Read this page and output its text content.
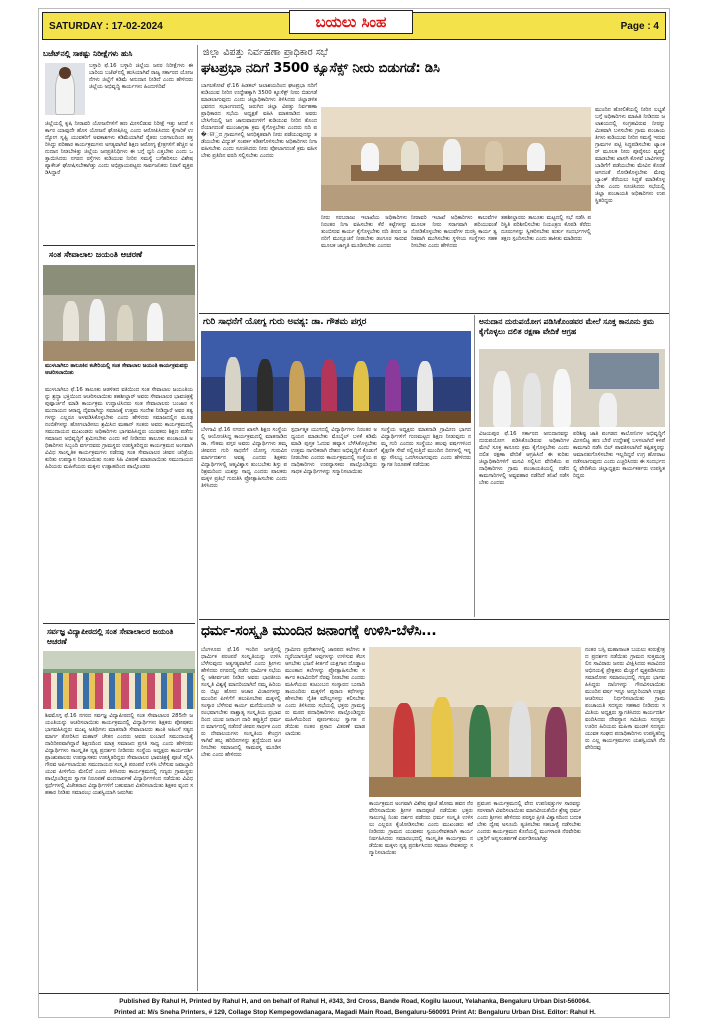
SATURDAY : 17-02-2024	Page : 4
ಬಯಲು ಸಿಂಹ
ಬಜೆಟ್‌ನಲ್ಲಿ ಸಾಕಷ್ಟು ನಿರೀಕ್ಷೆಗಳು ಹುಸಿ
ಬಳ್ಳಾರಿ ಫೆ.16 ಬಳ್ಳಾರಿ ಜಿಲ್ಲೆಯ ಜನರ ನಿರೀಕ್ಷೆಗಳು ಈ ಬಾರಿಯ ಬಜೆಟ್‌ನಲ್ಲಿ ಹುಸಿಯಾಗಿವೆ ರಾಜ್ಯ ಸರ್ಕಾರದ ಯೋಜನೆಗಳು ಜಿಲ್ಲೆಗೆ ಕಡಿಮೆ ಅನುದಾನ ನೀಡಿದೆ ಎಂದು ಹೇಳಿದರು ಜಿಲ್ಲೆಯ ಅಭಿವೃದ್ಧಿ ಕಾರ್ಯಗಳು ಹಿಂದುಳಿದಿವೆ
ಜಿಲ್ಲೆಯಲ್ಲಿ ಕೃಷಿ ನೀರಾವರಿ ಯೋಜನೆಗಳಿಗೆ ಹಣ ಮೀಸಲಿಡುವ ನಿರೀಕ್ಷೆ ಇತ್ತು ಆದರೆ ಸರ್ಕಾರ ಯಾವುದೇ ಹೊಸ ಯೋಜನೆ ಘೋಷಿಸಿಲ್ಲ ಎಂದು ಆರೋಪಿಸಿದರು ಕೈಗಾರಿಕೆ ಉದ್ಯೋಗ ಸೃಷ್ಟಿ ಯುವಕರಿಗೆ ಅವಕಾಶಗಳು ಕಡಿಮೆಯಾಗಿವೆ ರೈತರು ಬರಗಾಲದಿಂದ ತತ್ತರಿಸಿದ್ದು ಪರಿಹಾರ ಕಾರ್ಯಕ್ರಮಗಳು ಅಗತ್ಯವಾಗಿವೆ ಶಿಕ್ಷಣ ಆರೋಗ್ಯ ಕ್ಷೇತ್ರಗಳಿಗೆ ಹೆಚ್ಚಿನ ಅನುದಾನ ನೀಡಬೇಕಿತ್ತು ಜಿಲ್ಲೆಯ ಜನಪ್ರತಿನಿಧಿಗಳು ಈ ಬಗ್ಗೆ ಧ್ವನಿ ಎತ್ತಬೇಕು ಎಂದು ಒತ್ತಾಯಿಸಿದರು ನಗರದ ರಸ್ತೆಗಳು ಕುಡಿಯುವ ನೀರಿನ ಸಮಸ್ಯೆ ಬಗೆಹರಿಸಲು ವಿಶೇಷ ಪ್ಯಾಕೇಜ್ ಘೋಷಿಸಬೇಕಾಗಿತ್ತು ಎಂದು ಅಭಿಪ್ರಾಯಪಟ್ಟರು ಸಾರ್ವಜನಿಕರು ನಿರಾಸೆ ವ್ಯಕ್ತಪಡಿಸಿದ್ದಾರೆ
ಸಂತ ಸೇವಾಲಾಲ ಜಯಂತಿ ಆಚರಣೆ
ಮುಳಬಾಗಿಲು ತಾಲೂಕಿನ ಕಚೇರಿಯಲ್ಲಿ ಸಂತ ಸೇವಾಲಾಲ ಜಯಂತಿ ಕಾರ್ಯಕ್ರಮವನ್ನು ಆಚರಿಸಲಾಯಿತು
ಮುಳಬಾಗಿಲು ಫೆ.16 ತಾಲೂಕು ಆಡಳಿತದ ವತಿಯಿಂದ ಸಂತ ಸೇವಾಲಾಲ ಜಯಂತಿಯನ್ನು ಶ್ರದ್ಧಾ ಭಕ್ತಿಯಿಂದ ಆಚರಿಸಲಾಯಿತು ತಹಶೀಲ್ದಾರ್ ಅವರು ಸೇವಾಲಾಲರ ಭಾವಚಿತ್ರಕ್ಕೆ ಪುಷ್ಪಾರ್ಚನೆ ಮಾಡಿ ಕಾರ್ಯಕ್ರಮ ಉದ್ಘಾಟಿಸಿದರು ಸಂತ ಸೇವಾಲಾಲರು ಬಂಜಾರ ಸಮುದಾಯದ ಆರಾಧ್ಯ ದೈವರಾಗಿದ್ದು ಸಮಾಜಕ್ಕೆ ಉತ್ತಮ ಸಂದೇಶ ನೀಡಿದ್ದಾರೆ ಅವರ ತತ್ವಗಳನ್ನು ಎಲ್ಲರೂ ಅಳವಡಿಸಿಕೊಳ್ಳಬೇಕು ಎಂದು ಹೇಳಿದರು ಸಮಾಜದಲ್ಲಿನ ಮೂಢನಂಬಿಕೆಗಳನ್ನು ಹೋಗಲಾಡಿಸಲು ಶ್ರಮಿಸಿದ ಮಹಾನ್ ಸಂತರು ಅವರು ಕಾರ್ಯಕ್ರಮದಲ್ಲಿ ಸಮುದಾಯದ ಮುಖಂಡರು ಅಧಿಕಾರಿಗಳು ಭಾಗವಹಿಸಿದ್ದರು ಯುವಕರು ಶಿಕ್ಷಣ ಪಡೆದು ಸಮಾಜದ ಅಭಿವೃದ್ಧಿಗೆ ಶ್ರಮಿಸಬೇಕು ಎಂದು ಕರೆ ನೀಡಿದರು ತಾಲೂಕು ಪಂಚಾಯತಿ ಅಧಿಕಾರಿಗಳು ಸಿಬ್ಬಂದಿ ವರ್ಗದವರು ಗ್ರಾಮಸ್ಥರು ಉಪಸ್ಥಿತರಿದ್ದರು ಕಾರ್ಯಕ್ರಮದ ಅಂಗವಾಗಿ ವಿವಿಧ ಸಾಂಸ್ಕೃತಿಕ ಕಾರ್ಯಕ್ರಮಗಳು ನಡೆದವು ಸಂತ ಸೇವಾಲಾಲರ ಜೀವನ ಚರಿತ್ರೆಯ ಕುರಿತು ಉಪನ್ಯಾಸ ನೀಡಲಾಯಿತು ನಂತರ ಸಿಹಿ ವಿತರಣೆ ಮಾಡಲಾಯಿತು ಸಮುದಾಯದ ಹಿರಿಯರು ಮಹಿಳೆಯರು ಮಕ್ಕಳು ಉತ್ಸಾಹದಿಂದ ಪಾಲ್ಗೊಂಡರು
ಸರ್ವಜ್ಞ ವಿದ್ಯಾಪೀಠದಲ್ಲಿ ಸಂತ ಸೇವಾಲಾಲರ ಜಯಂತಿ ಆಚರಣೆ
ಶಿವಮೊಗ್ಗ ಫೆ.16 ನಗರದ ಸರ್ವಜ್ಞ ವಿದ್ಯಾಪೀಠದಲ್ಲಿ ಸಂತ ಸೇವಾಲಾಲರ 285ನೇ ಜಯಂತಿಯನ್ನು ಆಚರಿಸಲಾಯಿತು ಕಾರ್ಯಕ್ರಮದಲ್ಲಿ ವಿದ್ಯಾರ್ಥಿಗಳು ಶಿಕ್ಷಕರು ಪೋಷಕರು ಭಾಗವಹಿಸಿದ್ದರು ಮುಖ್ಯ ಅತಿಥಿಗಳು ಮಾತನಾಡಿ ಸೇವಾಲಾಲರು ಶಾಂತಿ ಅಹಿಂಸೆ ಸತ್ಯದ ಮಾರ್ಗ ತೋರಿಸಿದ ಮಹಾನ್ ಚೇತನ ಎಂದರು ಅವರು ಲಂಬಾಣಿ ಸಮುದಾಯಕ್ಕೆ ದಾರಿದೀಪವಾಗಿದ್ದಾರೆ ಶಿಕ್ಷಣದಿಂದ ಮಾತ್ರ ಸಮಾಜದ ಪ್ರಗತಿ ಸಾಧ್ಯ ಎಂದು ಹೇಳಿದರು ವಿದ್ಯಾರ್ಥಿಗಳು ಸಾಂಸ್ಕೃತಿಕ ನೃತ್ಯ ಪ್ರದರ್ಶನ ನೀಡಿದರು ಸಂಸ್ಥೆಯ ಅಧ್ಯಕ್ಷರು ಕಾರ್ಯದರ್ಶಿ ಪ್ರಾಂಶುಪಾಲರು ಉಪನ್ಯಾಸಕರು ಉಪಸ್ಥಿತರಿದ್ದರು ಸೇವಾಲಾಲರ ಭಾವಚಿತ್ರಕ್ಕೆ ಪೂಜೆ ಸಲ್ಲಿಸಿ ಗೌರವ ಅರ್ಪಿಸಲಾಯಿತು ಸಮುದಾಯದ ಸಂಸ್ಕೃತಿ ಪರಂಪರೆ ಉಳಿಸಿ ಬೆಳೆಸುವ ಜವಾಬ್ದಾರಿ ಯುವ ಪೀಳಿಗೆಯ ಮೇಲಿದೆ ಎಂದು ತಿಳಿಸಿದರು ಕಾರ್ಯಕ್ರಮದಲ್ಲಿ ಗಣ್ಯರು ಗ್ರಾಮಸ್ಥರು ಪಾಲ್ಗೊಂಡಿದ್ದರು ಸ್ವಾಗತ ನಿರೂಪಣೆ ವಂದನಾರ್ಪಣೆ ವಿದ್ಯಾರ್ಥಿಗಳಿಂದ ನಡೆಯಿತು ವಿವಿಧ ಸ್ಪರ್ಧೆಗಳಲ್ಲಿ ವಿಜೇತರಾದ ವಿದ್ಯಾರ್ಥಿಗಳಿಗೆ ಬಹುಮಾನ ವಿತರಿಸಲಾಯಿತು ಶಿಕ್ಷಕರ ವೃಂದ ಸಹಕಾರ ನೀಡಿತು ಸಮಾರಂಭ ಯಶಸ್ವಿಯಾಗಿ ಜರುಗಿತು
ಜಿಲ್ಲಾ ವಿಪತ್ತು ನಿರ್ವಹಣಾ ಪ್ರಾಧಿಕಾರ ಸಭೆ
ಘಟಪ್ರಭಾ ನದಿಗೆ 3500 ಕ್ಯೂಸೆಕ್ಸ್ ನೀರು ಬಿಡುಗಡೆ: ಡಿಸಿ
ಬಾಗಲಕೋಟೆ ಫೆ.16 ಹಿಡಕಲ್ ಜಲಾಶಯದಿಂದ ಘಟಪ್ರಭಾ ನದಿಗೆ ಕುಡಿಯುವ ನೀರಿನ ಉದ್ದೇಶಕ್ಕಾಗಿ 3500 ಕ್ಯೂಸೆಕ್ಸ್ ನೀರು ಬಿಡುಗಡೆ ಮಾಡಲಾಗುವುದು ಎಂದು ಜಿಲ್ಲಾಧಿಕಾರಿಗಳು ತಿಳಿಸಿದರು ಜಿಲ್ಲಾಡಳಿತ ಭವನದ ಸಭಾಂಗಣದಲ್ಲಿ ಜರುಗಿದ ಜಿಲ್ಲಾ ವಿಪತ್ತು ನಿರ್ವಹಣಾ ಪ್ರಾಧಿಕಾರದ ಸಭೆಯ ಅಧ್ಯಕ್ಷತೆ ವಹಿಸಿ ಮಾತನಾಡಿದ ಅವರು ಬೇಸಿಗೆಯಲ್ಲಿ ಜನ ಜಾನುವಾರುಗಳಿಗೆ ಕುಡಿಯುವ ನೀರಿನ ತೊಂದರೆಯಾಗದಂತೆ ಮುಂಜಾಗ್ರತಾ ಕ್ರಮ ಕೈಗೊಳ್ಳಬೇಕು ಎಂದರು ನದಿ ಪ�ात್ರದ ಗ್ರಾಮಗಳಲ್ಲಿ ಅನಧಿಕೃತವಾಗಿ ನೀರು ಪಡೆಯುವುದನ್ನು ತಡೆಯಬೇಕು ವಿದ್ಯುತ್ ಸಂಪರ್ಕ ಕಡಿತಗೊಳಿಸಬೇಕು ಅಧಿಕಾರಿಗಳು ನಿಗಾ ವಹಿಸಬೇಕು ಎಂದು ಸೂಚಿಸಿದರು ನೀರು ಪೋಲಾಗದಂತೆ ಕ್ರಮ ವಹಿಸಬೇಕು ಪ್ರತಿದಿನ ವರದಿ ಸಲ್ಲಿಸಬೇಕು ಎಂದರು
ಮುಂದಿನ ಹೋಲಿಕೆಯಲ್ಲಿ ನೀರಿನ ಲಭ್ಯತೆ ಬಗ್ಗೆ ಅಧಿಕಾರಿಗಳು ಮಾಹಿತಿ ನೀಡಿದರು ಜಲಾಶಯದಲ್ಲಿ ಸಂಗ್ರಹವಿರುವ ನೀರನ್ನು ಮಿತವಾಗಿ ಬಳಸಬೇಕು ಗ್ರಾಮ ಪಂಚಾಯತಿಗಳು ಕುಡಿಯುವ ನೀರಿನ ಸಮಸ್ಯೆ ಇರುವ ಗ್ರಾಮಗಳ ಪಟ್ಟಿ ಸಿದ್ಧಪಡಿಸಬೇಕು ಟ್ಯಾಂಕರ್ ಮೂಲಕ ನೀರು ಪೂರೈಸಲು ವ್ಯವಸ್ಥೆ ಮಾಡಬೇಕು ಖಾಸಗಿ ಕೊಳವೆ ಬಾವಿಗಳನ್ನು ಬಾಡಿಗೆಗೆ ಪಡೆಯಬೇಕು ಮೇವಿನ ಕೊರತೆ ಆಗದಂತೆ ನೋಡಿಕೊಳ್ಳಬೇಕು ಮೇವು ಬ್ಯಾಂಕ್ ತೆರೆಯಲು ಸಿದ್ಧತೆ ಮಾಡಿಕೊಳ್ಳಬೇಕು ಎಂದು ಸೂಚಿಸಿದರು ಸಭೆಯಲ್ಲಿ ಜಿಲ್ಲಾ ಪಂಚಾಯತಿ ಅಧಿಕಾರಿಗಳು ಉಪಸ್ಥಿತರಿದ್ದರು
ನೀರು ಸರಬರಾಜು ಇಲಾಖೆಯ ಅಧಿಕಾರಿಗಳು ನಿರಂತರ ನಿಗಾ ವಹಿಸಬೇಕು ಕೆರೆ ಕಟ್ಟೆಗಳನ್ನು ತುಂಬಿಸುವ ಕಾರ್ಯ ಕೈಗೊಳ್ಳಬೇಕು ನದಿ ತೀರದ ಜನರಿಗೆ ಮುನ್ಸೂಚನೆ ನೀಡಬೇಕು ಡಂಗೂರ ಸಾರುವ ಮೂಲಕ ಜಾಗೃತಿ ಮೂಡಿಸಬೇಕು ಎಂದರು
ನೀರಾವರಿ ಇಲಾಖೆ ಅಧಿಕಾರಿಗಳು ಕಾಲುವೆಗಳ ಮೂಲಕ ನೀರು ಸರಾಗವಾಗಿ ಹರಿಯುವಂತೆ ನೋಡಿಕೊಳ್ಳಬೇಕು ಕಾಲುವೆಗಳ ದುರಸ್ತಿ ಕಾರ್ಯ ತ್ವರಿತವಾಗಿ ಮುಗಿಸಬೇಕು ಸ್ಥಳೀಯ ಸಂಸ್ಥೆಗಳು ಸಹಕರಿಸಬೇಕು ಎಂದು ಹೇಳಿದರು
ತಹಶೀಲ್ದಾರರು ತಾಲೂಕು ಮಟ್ಟದಲ್ಲಿ ಸಭೆ ನಡೆಸಿ ಪರಿಸ್ಥಿತಿ ಪರಿಶೀಲಿಸಬೇಕು ನಿಯಂತ್ರಣ ಕೊಠಡಿ ತೆರೆದು ದೂರುಗಳನ್ನು ಸ್ವೀಕರಿಸಬೇಕು ತುರ್ತು ಸಂದರ್ಭಗಳಲ್ಲಿ ತಕ್ಷಣ ಸ್ಪಂದಿಸಬೇಕು ಎಂದು ತಾಕೀತು ಮಾಡಿದರು
ಗುರಿ ಸಾಧನೆಗೆ ಯೋಗ್ಯ ಗುರು ಅವಶ್ಯ: ಡಾ. ಗೌತಮ ಪಗ್ಗರ
ಬೆಳಗಾವಿ ಫೆ.16 ನಗರದ ಖಾಸಗಿ ಶಿಕ್ಷಣ ಸಂಸ್ಥೆಯಲ್ಲಿ ಆಯೋಜಿಸಿದ್ದ ಕಾರ್ಯಕ್ರಮದಲ್ಲಿ ಮಾತನಾಡಿದ ಡಾ. ಗೌತಮ ಪಗ್ಗರ ಅವರು ವಿದ್ಯಾರ್ಥಿಗಳು ತಮ್ಮ ಜೀವನದ ಗುರಿ ಸಾಧನೆಗೆ ಯೋಗ್ಯ ಗುರುವಿನ ಮಾರ್ಗದರ್ಶನ ಅವಶ್ಯ ಎಂದರು ಶಿಕ್ಷಕರು ವಿದ್ಯಾರ್ಥಿಗಳಲ್ಲಿ ಆತ್ಮವಿಶ್ವಾಸ ತುಂಬಬೇಕು ಶಿಸ್ತು ಪರಿಶ್ರಮದಿಂದ ಯಶಸ್ಸು ಸಾಧ್ಯ ಎಂದರು ಪಾಲಕರು ಮಕ್ಕಳ ಪ್ರತಿಭೆ ಗುರುತಿಸಿ ಪ್ರೋತ್ಸಾಹಿಸಬೇಕು ಎಂದು ತಿಳಿಸಿದರು
ಸ್ಪರ್ಧಾತ್ಮಕ ಯುಗದಲ್ಲಿ ವಿದ್ಯಾರ್ಥಿಗಳು ನಿರಂತರ ಅಧ್ಯಯನ ಮಾಡಬೇಕು ಮೊಬೈಲ್ ಬಳಕೆ ಕಡಿಮೆ ಮಾಡಿ ಪುಸ್ತಕ ಓದುವ ಹವ್ಯಾಸ ಬೆಳೆಸಿಕೊಳ್ಳಬೇಕು ಉತ್ತಮ ನಾಗರಿಕರಾಗಿ ದೇಶದ ಅಭಿವೃದ್ಧಿಗೆ ಕೊಡುಗೆ ನೀಡಬೇಕು ಎಂದರು ಕಾರ್ಯಕ್ರಮದಲ್ಲಿ ಸಂಸ್ಥೆಯ ಪದಾಧಿಕಾರಿಗಳು ಉಪನ್ಯಾಸಕರು ಪಾಲ್ಗೊಂಡಿದ್ದರು ಸಾಧಕ ವಿದ್ಯಾರ್ಥಿಗಳನ್ನು ಸನ್ಮಾನಿಸಲಾಯಿತು
ಸಂಸ್ಥೆಯ ಅಧ್ಯಕ್ಷರು ಮಾತನಾಡಿ ಗ್ರಾಮೀಣ ಭಾಗದ ವಿದ್ಯಾರ್ಥಿಗಳಿಗೆ ಗುಣಮಟ್ಟದ ಶಿಕ್ಷಣ ನೀಡುವುದು ನಮ್ಮ ಗುರಿ ಎಂದರು ಸಂಸ್ಥೆಯು ಹಲವು ವರ್ಷಗಳಿಂದ ಶೈಕ್ಷಣಿಕ ಸೇವೆ ಸಲ್ಲಿಸುತ್ತಿದೆ ಮುಂದಿನ ದಿನಗಳಲ್ಲಿ ಇನ್ನಷ್ಟು ಸೌಲಭ್ಯ ಒದಗಿಸಲಾಗುವುದು ಎಂದು ಹೇಳಿದರು ಸ್ವಾಗತ ನಿರೂಪಣೆ ನಡೆಯಿತು
ಅನುದಾನ ದುರುಪಯೋಗ ಪಡಿಸಿಕೊಂಡವರ ಮೇಲೆ ಸೂಕ್ತ ಕಾನೂನು ಕ್ರಮ ಕೈಗೊಳ್ಳಲು ದಲಿತ ರಕ್ಷಣಾ ವೇದಿಕೆ ಆಗ್ರಹ
ವಿಜಯಪುರ ಫೆ.16 ಸರ್ಕಾರದ ಅನುದಾನವನ್ನು ದುರುಪಯೋಗ ಪಡಿಸಿಕೊಂಡಿರುವ ಅಧಿಕಾರಿಗಳ ಮೇಲೆ ಸೂಕ್ತ ಕಾನೂನು ಕ್ರಮ ಕೈಗೊಳ್ಳಬೇಕು ಎಂದು ದಲಿತ ರಕ್ಷಣಾ ವೇದಿಕೆ ಆಗ್ರಹಿಸಿದೆ ಈ ಕುರಿತು ಜಿಲ್ಲಾಧಿಕಾರಿಗಳಿಗೆ ಮನವಿ ಸಲ್ಲಿಸಿದ ವೇದಿಕೆಯ ಪದಾಧಿಕಾರಿಗಳು ಗ್ರಾಮ ಪಂಚಾಯತಿಯಲ್ಲಿ ನಡೆದ ಕಾಮಗಾರಿಗಳಲ್ಲಿ ಅವ್ಯವಹಾರ ನಡೆದಿದೆ ತನಿಖೆ ನಡೆಸಬೇಕು ಎಂದರು
ಪರಿಶಿಷ್ಟ ಜಾತಿ ಪಂಗಡದ ಕಾಲೋನಿಗಳ ಅಭಿವೃದ್ಧಿಗೆ ಮೀಸಲಿಟ್ಟ ಹಣ ಬೇರೆ ಉದ್ದೇಶಕ್ಕೆ ಬಳಸಲಾಗಿದೆ ಕಳಪೆ ಕಾಮಗಾರಿ ನಡೆಸಿ ಬಿಲ್ ಪಾವತಿಸಲಾಗಿದೆ ತಪ್ಪಿತಸ್ಥರನ್ನು ಅಮಾನತುಗೊಳಿಸಬೇಕು ಇಲ್ಲದಿದ್ದರೆ ಉಗ್ರ ಹೋರಾಟ ನಡೆಸಲಾಗುವುದು ಎಂದು ಎಚ್ಚರಿಸಿದರು ಈ ಸಂದರ್ಭದಲ್ಲಿ ವೇದಿಕೆಯ ಜಿಲ್ಲಾಧ್ಯಕ್ಷರು ಕಾರ್ಯಕರ್ತರು ಉಪಸ್ಥಿತರಿದ್ದರು
ಧರ್ಮ-ಸಂಸ್ಕೃತಿ ಮುಂದಿನ ಜನಾಂಗಕ್ಕೆ ಉಳಿಸಿ-ಬೆಳೆಸಿ...
ಬೆಂಗಳೂರು ಫೆ.16 ಇಂದಿನ ಜಗತ್ತಿನಲ್ಲಿ ಧಾರ್ಮಿಕ ಪರಂಪರೆ ಸಂಸ್ಕೃತಿಯನ್ನು ಉಳಿಸಿ ಬೆಳೆಸುವುದು ಅತ್ಯಗತ್ಯವಾಗಿದೆ ಎಂದು ಶ್ರೀಗಳು ಹೇಳಿದರು ನಗರದಲ್ಲಿ ನಡೆದ ಧಾರ್ಮಿಕ ಸಭೆಯಲ್ಲಿ ಆಶೀರ್ವಚನ ನೀಡಿದ ಅವರು ಭಾರತೀಯ ಸಂಸ್ಕೃತಿ ವಿಶ್ವಕ್ಕೆ ಮಾದರಿಯಾಗಿದೆ ನಮ್ಮ ಹಿರಿಯರು ಬಿಟ್ಟು ಹೋದ ಆಚಾರ ವಿಚಾರಗಳನ್ನು ಮುಂದಿನ ಪೀಳಿಗೆಗೆ ತಲುಪಿಸಬೇಕು ಮಕ್ಕಳಲ್ಲಿ ಸಂಸ್ಕಾರ ಬೆಳೆಸುವ ಕಾರ್ಯ ಮನೆಯಿಂದಲೇ ಆರಂಭವಾಗಬೇಕು ಪಾಶ್ಚಾತ್ಯ ಸಂಸ್ಕೃತಿಯ ಪ್ರಭಾವದಿಂದ ಯುವ ಜನಾಂಗ ದಾರಿ ತಪ್ಪುತ್ತಿದೆ ಧರ್ಮದ ಮಾರ್ಗದಲ್ಲಿ ನಡೆದರೆ ಜೀವನ ಸಾರ್ಥಕ ಎಂದರು ದೇವಾಲಯಗಳು ಸಂಸ್ಕೃತಿಯ ಕೇಂದ್ರಗಳಾಗಿವೆ ಹಬ್ಬ ಹರಿದಿನಗಳನ್ನು ಶ್ರದ್ಧೆಯಿಂದ ಆಚರಿಸಬೇಕು ಸಮಾಜದಲ್ಲಿ ಸಾಮರಸ್ಯ ಮೂಡಿಸಬೇಕು ಎಂದು ಹೇಳಿದರು
ಗ್ರಾಮೀಣ ಪ್ರದೇಶಗಳಲ್ಲಿ ಜಾನಪದ ಕಲೆಗಳು ಕಣ್ಮರೆಯಾಗುತ್ತಿವೆ ಅವುಗಳನ್ನು ಉಳಿಸುವ ಕೆಲಸ ಆಗಬೇಕು ಭಜನೆ ಕೀರ್ತನೆ ಯಕ್ಷಗಾನ ದೊಡ್ಡಾಟ ಮುಂತಾದ ಕಲೆಗಳನ್ನು ಪ್ರೋತ್ಸಾಹಿಸಬೇಕು ಸರ್ಕಾರ ಕಲಾವಿದರಿಗೆ ನೆರವು ನೀಡಬೇಕು ಎಂದರು ಮಹಿಳೆಯರು ಕುಟುಂಬದ ಸಂಸ್ಕಾರದ ಬುನಾದಿ ತಾಯಂದಿರು ಮಕ್ಕಳಿಗೆ ಪುರಾಣ ಕಥೆಗಳನ್ನು ಹೇಳಬೇಕು ನೈತಿಕ ಮೌಲ್ಯಗಳನ್ನು ಕಲಿಸಬೇಕು ಎಂದು ತಿಳಿಸಿದರು ಸಭೆಯಲ್ಲಿ ಭಕ್ತರು ಗ್ರಾಮಸ್ಥರು ಮಠದ ಪದಾಧಿಕಾರಿಗಳು ಪಾಲ್ಗೊಂಡಿದ್ದರು ಮಹಿಳೆಯರಿಂದ ಪೂರ್ಣಕುಂಭ ಸ್ವಾಗತ ನಡೆಯಿತು ನಂತರ ಪ್ರಸಾದ ವಿತರಣೆ ಮಾಡಲಾಯಿತು
ಕಾರ್ಯಕ್ರಮದ ಅಂಗವಾಗಿ ವಿಶೇಷ ಪೂಜೆ ಹೋಮ ಹವನ ನೆರವೇರಿಸಲಾಯಿತು ಶ್ರೀಗಳ ಪಾದಪೂಜೆ ನಡೆಯಿತು ಭಕ್ತರು ಸಾಲುಗಟ್ಟಿ ನಿಂತು ದರ್ಶನ ಪಡೆದರು ಧರ್ಮ ಸಂಸ್ಕೃತಿ ಉಳಿಸಲು ಎಲ್ಲರೂ ಕೈಜೋಡಿಸಬೇಕು ಎಂದು ಮುಖಂಡರು ಕರೆ ನೀಡಿದರು ಗ್ರಾಮದ ಯುವಕರು ಸ್ವಯಂಸೇವಕರಾಗಿ ಕಾರ್ಯನಿರ್ವಹಿಸಿದರು ಸಮಾರಂಭದಲ್ಲಿ ಸಾಂಸ್ಕೃತಿಕ ಕಾರ್ಯಕ್ರಮ ನಡೆಯಿತು ಮಕ್ಕಳು ನೃತ್ಯ ಪ್ರದರ್ಶಿಸಿದರು ಸಮಾಜ ಸೇವಕರನ್ನು ಸನ್ಮಾನಿಸಲಾಯಿತು
ಪ್ರವಚನ ಕಾರ್ಯಕ್ರಮದಲ್ಲಿ ವೇದ ಉಪನಿಷತ್ತುಗಳ ಸಾರವನ್ನು ಸರಳವಾಗಿ ವಿವರಿಸಲಾಯಿತು ಮಾನವೀಯತೆಯೇ ಶ್ರೇಷ್ಠ ಧರ್ಮ ಎಂದು ಶ್ರೀಗಳು ಹೇಳಿದರು ಪರಸ್ಪರ ಪ್ರೀತಿ ವಿಶ್ವಾಸದಿಂದ ಬದುಕಬೇಕು ದ್ವೇಷ ಅಸೂಯೆ ತ್ಯಜಿಸಬೇಕು ಸಹಬಾಳ್ವೆ ನಡೆಸಬೇಕು ಎಂದರು ಕಾರ್ಯಕ್ರಮದ ಕೊನೆಯಲ್ಲಿ ಮಂಗಳಾರತಿ ನೆರವೇರಿತು ಭಕ್ತರಿಗೆ ಅನ್ನಸಂತರ್ಪಣೆ ಏರ್ಪಡಿಸಲಾಗಿತ್ತು
ನಂತರ ಬಸ್ಸಿ ಮಹಾನಾಟಕ ಬಯಲು ಕುರುಕ್ಷೇತ್ರದ ಪ್ರದರ್ಶನ ನಡೆಯಿತು ಗ್ರಾಮದ ಸುತ್ತಮುತ್ತಲಿನ ಸಾವಿರಾರು ಜನರು ವೀಕ್ಷಿಸಿದರು ಕಲಾವಿದರ ಅಭಿನಯಕ್ಕೆ ಪ್ರೇಕ್ಷಕರು ಮೆಚ್ಚುಗೆ ವ್ಯಕ್ತಪಡಿಸಿದರು ಸಮಾರೋಪ ಸಮಾರಂಭದಲ್ಲಿ ಗಣ್ಯರು ಭಾಗವಹಿಸಿದ್ದರು ದಾನಿಗಳನ್ನು ಗೌರವಿಸಲಾಯಿತು ಮುಂದಿನ ವರ್ಷ ಇನ್ನೂ ಅದ್ದೂರಿಯಾಗಿ ಉತ್ಸವ ಆಚರಿಸಲು ನಿರ್ಧರಿಸಲಾಯಿತು ಗ್ರಾಮ ಪಂಚಾಯತಿ ಸದಸ್ಯರು ಸಹಕಾರ ನೀಡಿದರು ಸಮಿತಿಯ ಅಧ್ಯಕ್ಷರು ಸ್ವಾಗತಿಸಿದರು ಕಾರ್ಯದರ್ಶಿ ವಂದಿಸಿದರು ದೇವಸ್ಥಾನ ಸಮಿತಿಯ ಸದಸ್ಯರು ಊರಿನ ಹಿರಿಯರು ಮಹಿಳಾ ಮಂಡಳಿ ಸದಸ್ಯರು ಯುವಕ ಸಂಘದ ಪದಾಧಿಕಾರಿಗಳು ಉಪಸ್ಥಿತರಿದ್ದರು ಎಲ್ಲ ಕಾರ್ಯಕ್ರಮಗಳು ಯಶಸ್ವಿಯಾಗಿ ನೆರವೇರಿದವು
Published By Rahul H, Printed by Rahul H, and on behalf of Rahul H, #343, 3rd Cross, Bande Road, Kogilu lauout, Yelahanka, Bengaluru Urban Dist-560064.
Printed at: M/s Sneha Printers, # 129, Collage Stop Kempegowdanagara, Magadi Main Road, Bengaluru-560091 Print At: Bengaluru Urban Dist. Editor: Rahul H.
